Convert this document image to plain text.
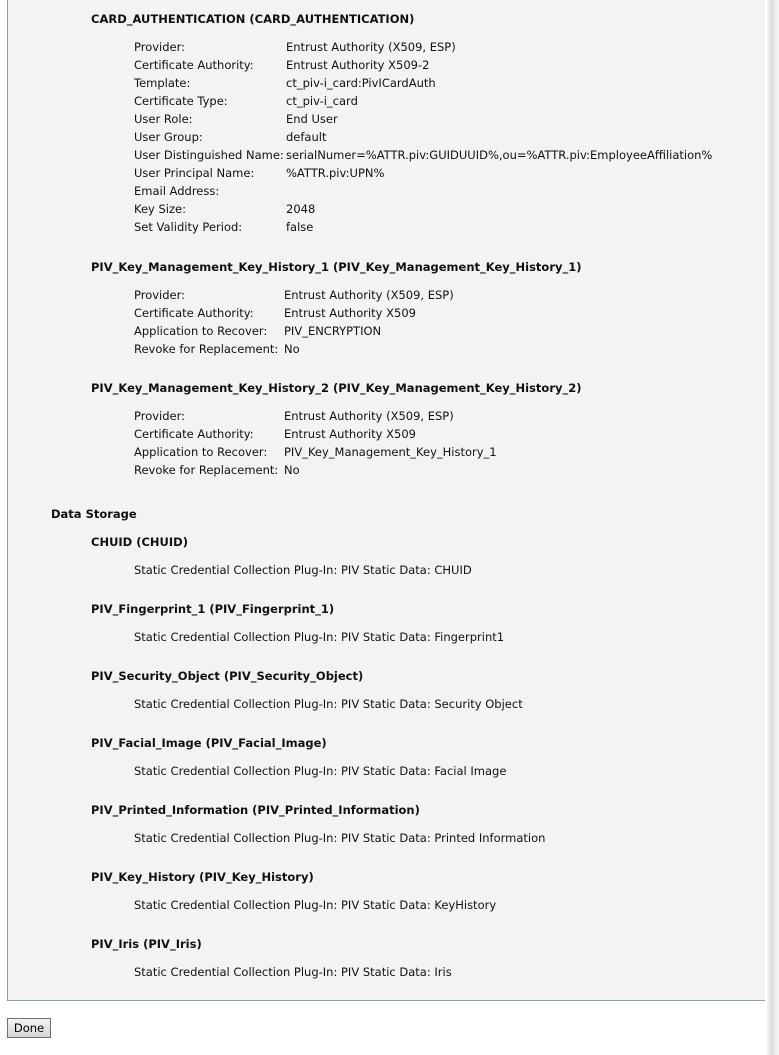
CARD_AUTHENTICATION (CARD_AUTHENTICATION)
Provider:	Entrust Authority (X509, ESP)
Certificate Authority:	Entrust Authority X509-2
Template:	ct_piv-i_card:PivICardAuth
Certificate Type:	ct_piv-i_card
User Role:	End User
User Group:	default
User Distinguished Name: serialNumer=%ATTR.piv:GUIDUUID%,ou=%ATTR.piv:EmployeeAffiliation%
User Principal Name:	%ATTR.piv:UPN%
Email Address:
Key Size:	2048
Set Validity Period:	false
PIV_Key_Management_Key_History_1 (PIV_Key_Management_Key_History_1)
Provider:	Entrust Authority (X509, ESP)
Certificate Authority:	Entrust Authority X509
Application to Recover: PIV_ENCRYPTION
Revoke for Replacement: No
PIV_Key_Management_Key_History_2 (PIV_Key_Management_Key_History_2)
Provider:	Entrust Authority (X509, ESP)
Certificate Authority:	Entrust Authority X509
Application to Recover: PIV_Key_Management_Key_History_1
Revoke for Replacement: No
Data Storage
CHUID (CHUID)
Static Credential Collection Plug-In: PIV Static Data: CHUID
PIV_Fingerprint_1 (PIV_Fingerprint_1)
Static Credential Collection Plug-In: PIV Static Data: Fingerprint1
PIV_Security_Object (PIV_Security_Object)
Static Credential Collection Plug-In: PIV Static Data: Security Object
PIV_Facial_Image (PIV_Facial_Image)
Static Credential Collection Plug-In: PIV Static Data: Facial Image
PIV_Printed_Information (PIV_Printed_Information)
Static Credential Collection Plug-In: PIV Static Data: Printed Information
PIV_Key_History (PIV_Key_History)
Static Credential Collection Plug-In: PIV Static Data: KeyHistory
PIV_Iris (PIV_Iris)
Static Credential Collection Plug-In: PIV Static Data: Iris
Done
